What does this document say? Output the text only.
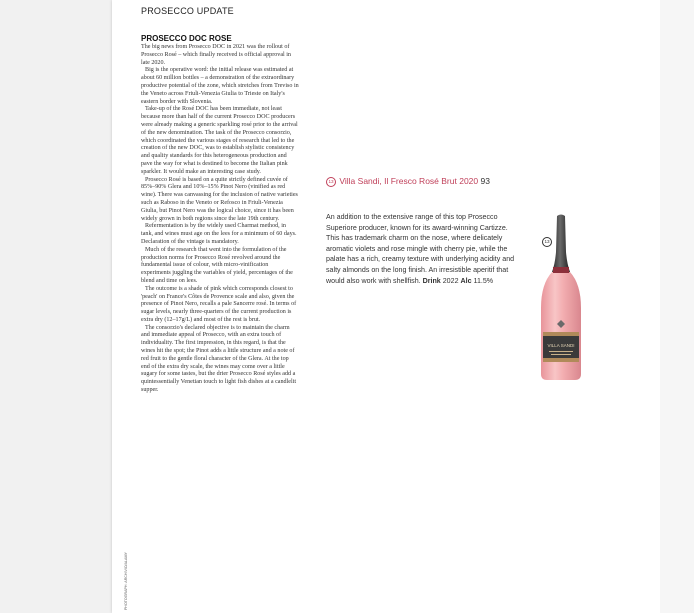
PROSECCO UPDATE
PROSECCO DOC ROSE

The big news from Prosecco DOC in 2021 was the rollout of Prosecco Rosé – which finally received is official approval in late 2020.

Big is the operative word: the initial release was estimated at about 60 million bottles – a demonstration of the extraordinary productive potential of the zone, which stretches from Treviso in the Veneto across Friuli-Venezia Giulia to Trieste on Italy's eastern border with Slovenia.

Take-up of the Rosé DOC has been immediate, not least because more than half of the current Prosecco DOC producers were already making a generic sparkling rosé prior to the arrival of the new denomination. The task of the Prosecco consorzio, which coordinated the various stages of research that led to the creation of the new DOC, was to establish stylistic consistency and quality standards for this heterogeneous production and pave the way for what is destined to become the Italian pink sparkler. It would make an interesting case study.

Prosecco Rosé is based on a quite strictly defined cuvée of 85%–90% Glera and 10%–15% Pinot Nero (vinified as red wine). There was canvassing for the inclusion of native varieties such as Raboso in the Veneto or Refosco in Friuli-Venezia Giulia, but Pinot Nero was the logical choice, since it has been widely grown in both regions since the late 19th century.

Refermentation is by the widely used Charmat method, in tank, and wines must age on the lees for a minimum of 60 days. Declaration of the vintage is mandatory.

Much of the research that went into the formulation of the production norms for Prosecco Rosé revolved around the fundamental issue of colour, with micro-vinification experiments juggling the variables of yield, percentages of the blend and time on lees.

The outcome is a shade of pink which corresponds closest to 'peach' on France's Côtes de Provence scale and also, given the presence of Pinot Nero, recalls a pale Sancerre rosé. In terms of sugar levels, nearly three-quarters of the current production is extra dry (12–17g/L) and most of the rest is brut.

The consorzio's declared objective is to maintain the charm and immediate appeal of Prosecco, with an extra touch of individuality. The first impression, in this regard, is that the wines hit the spot; the Pinot adds a little structure and a note of red fruit to the gentle floral character of the Glera. At the top end of the extra dry scale, the wines may come over a little sugary for some tastes, but the drier Prosecco Rosé styles add a quintessentially Venetian touch to light fish dishes at a candlelit supper.

PHOTOGRAPH: ARCHIVIO/ALAMY
13 Villa Sandi, Il Fresco Rosé Brut 2020 93
An addition to the extensive range of this top Prosecco Superiore producer, known for its award-winning Cartizze. This has trademark charm on the nose, where delicately aromatic violets and rose mingle with cherry pie, while the palate has a rich, creamy texture with underlying acidity and salty almonds on the long finish. An irresistible aperitif that would also work with shellfish. Drink 2022 Alc 11.5%
13
VILLA SANDI
